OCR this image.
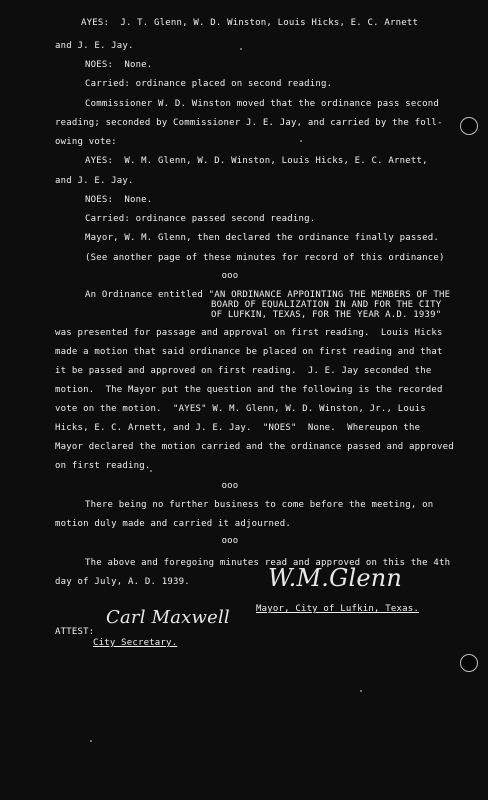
AYES:  J. T. Glenn, W. D. Winston, Louis Hicks, E. C. Arnett
and J. E. Jay.
NOES:  None.
Carried: ordinance placed on second reading.
Commissioner W. D. Winston moved that the ordinance pass second
reading; seconded by Commissioner J. E. Jay, and carried by the foll-
owing vote:
AYES:  W. M. Glenn, W. D. Winston, Louis Hicks, E. C. Arnett,
and J. E. Jay.
NOES:  None.
Carried: ordinance passed second reading.
Mayor, W. M. Glenn, then declared the ordinance finally passed.
(See another page of these minutes for record of this ordinance)
ooo
An Ordinance entitled "AN ORDINANCE APPOINTING THE MEMBERS OF THE
BOARD OF EQUALIZATION IN AND FOR THE CITY
OF LUFKIN, TEXAS, FOR THE YEAR A.D. 1939"
was presented for passage and approval on first reading.  Louis Hicks
made a motion that said ordinance be placed on first reading and that
it be passed and approved on first reading.  J. E. Jay seconded the
motion.  The Mayor put the question and the following is the recorded
vote on the motion.  "AYES" W. M. Glenn, W. D. Winston, Jr., Louis
Hicks, E. C. Arnett, and J. E. Jay.  "NOES"  None.  Whereupon the
Mayor declared the motion carried and the ordinance passed and approved
on first reading.
ooo
There being no further business to come before the meeting, on
motion duly made and carried it adjourned.
ooo
The above and foregoing minutes read and approved on this the 4th
day of July, A. D. 1939.	W.M.Glenn
Mayor, City of Lufkin, Texas.
ATTEST:
Carl Maxwell
City Secretary.
